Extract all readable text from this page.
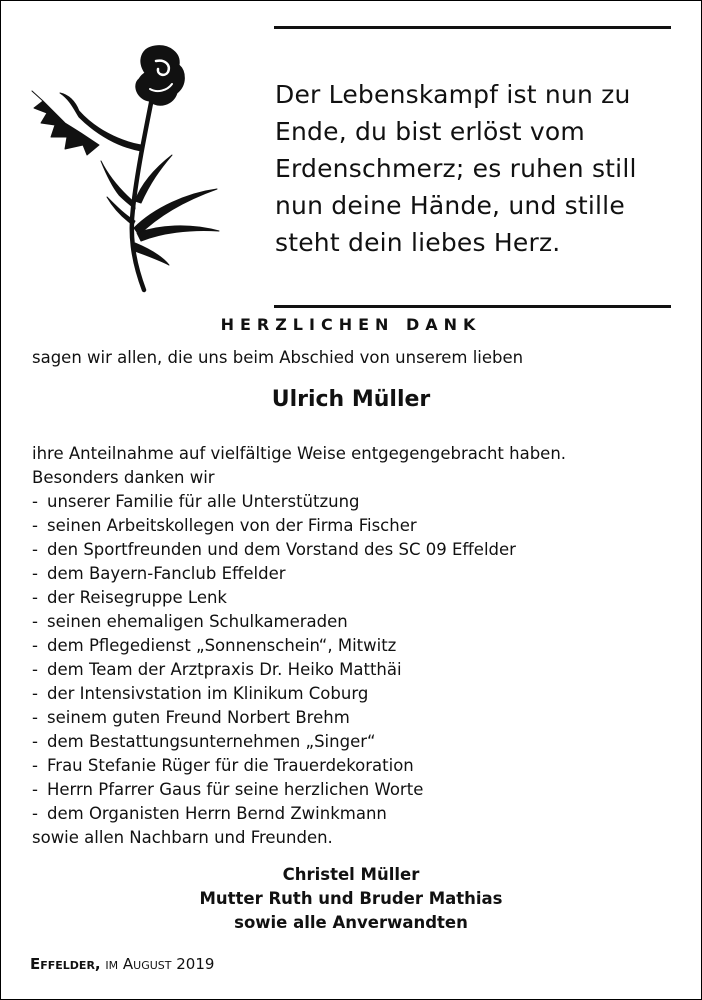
Der Lebenskampf ist nun zu
Ende, du bist erlöst vom
Erdenschmerz; es ruhen still
nun deine Hände, und stille
steht dein liebes Herz.
HERZLICHEN DANK
sagen wir allen, die uns beim Abschied von unserem lieben
Ulrich Müller
ihre Anteilnahme auf vielfältige Weise entgegengebracht haben.
Besonders danken wir
- unserer Familie für alle Unterstützung
- seinen Arbeitskollegen von der Firma Fischer
- den Sportfreunden und dem Vorstand des SC 09 Effelder
- dem Bayern-Fanclub Effelder
- der Reisegruppe Lenk
- seinen ehemaligen Schulkameraden
- dem Pflegedienst „Sonnenschein“, Mitwitz
- dem Team der Arztpraxis Dr. Heiko Matthäi
- der Intensivstation im Klinikum Coburg
- seinem guten Freund Norbert Brehm
- dem Bestattungsunternehmen „Singer“
- Frau Stefanie Rüger für die Trauerdekoration
- Herrn Pfarrer Gaus für seine herzlichen Worte
- dem Organisten Herrn Bernd Zwinkmann
sowie allen Nachbarn und Freunden.
Christel Müller
Mutter Ruth und Bruder Mathias
sowie alle Anverwandten
Effelder, im August 2019
